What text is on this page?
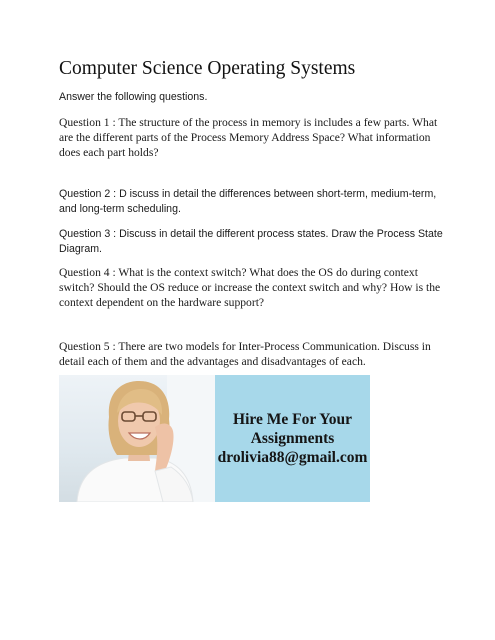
Computer Science Operating Systems

Answer the following questions.

Question 1 : The structure of the process in memory is includes a few parts. What are the different parts of the Process Memory Address Space? What information does each part holds?

Question 2 : D iscuss in detail the differences between short-term, medium-term, and long-term scheduling.

Question 3 : Discuss in detail the different process states. Draw the Process State Diagram.

Question 4 : What is the context switch? What does the OS do during context switch? Should the OS reduce or increase the context switch and why? How is the context dependent on the hardware support?

Question 5 : There are two models for Inter-Process Communication. Discuss in detail each of them and the advantages and disadvantages of each.

Hire Me For Your
Assignments
drolivia88@gmail.com
